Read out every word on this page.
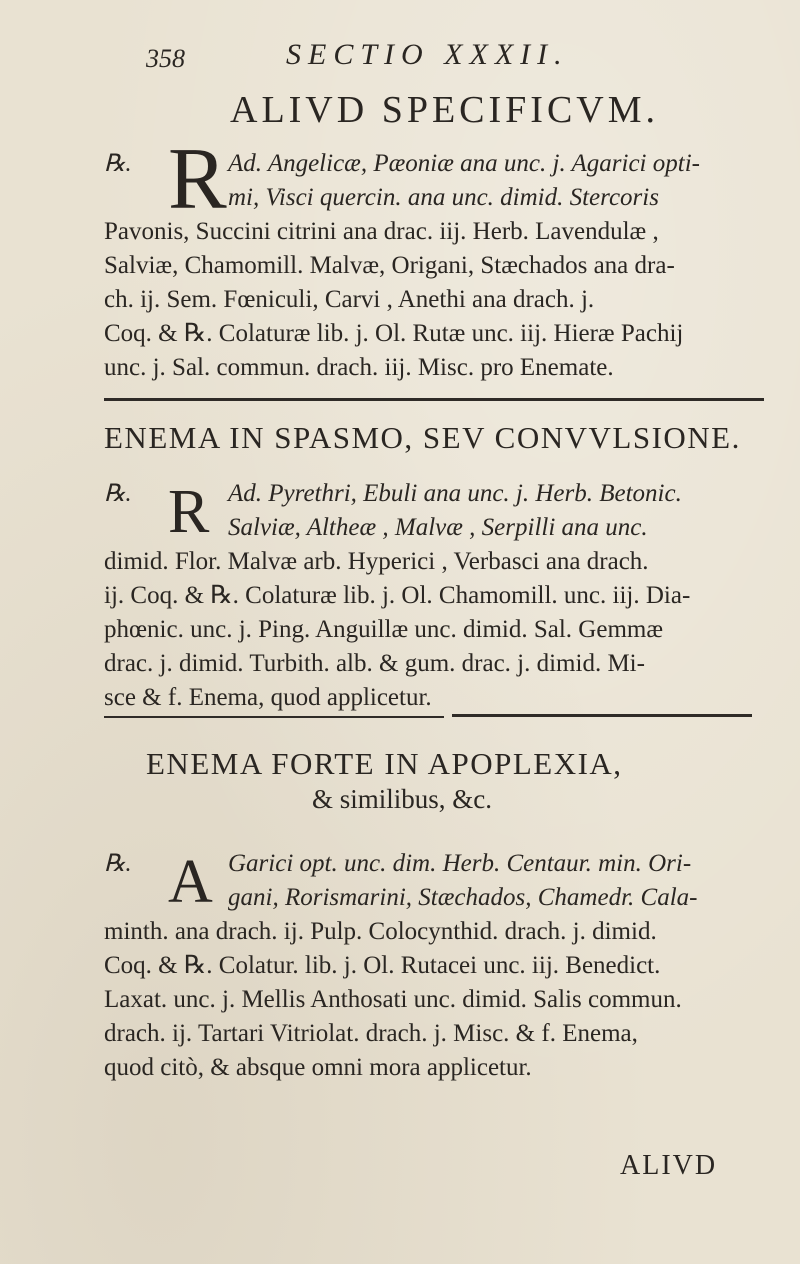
358	SECTIO XXXII.
ALIVD SPECIFICVM.
℞. R Ad. Angelicæ, Pæoniæ ana unc. j. Agarici opti-
mi, Visci quercin. ana unc. dimid. Stercoris
Pavonis, Succini citrini ana drac. iij. Herb. Lavendulæ ,
Salviæ, Chamomill. Malvæ, Origani, Stæchados ana dra-
ch. ij. Sem. Fœniculi, Carvi , Anethi ana drach. j.
Coq. & ℞. Colaturæ lib. j. Ol. Rutæ unc. iij. Hieræ Pachij
unc. j. Sal. commun. drach. iij. Misc. pro Enemate.
ENEMA IN SPASMO, SEV CONVVLSIONE.
℞. R Ad. Pyrethri, Ebuli ana unc. j. Herb. Betonic.
Salviæ, Altheæ , Malvæ , Serpilli ana unc.
dimid. Flor. Malvæ arb. Hyperici , Verbasci ana drach.
ij. Coq. & ℞. Colaturæ lib. j. Ol. Chamomill. unc. iij. Dia-
phœnic. unc. j. Ping. Anguillæ unc. dimid. Sal. Gemmæ
drac. j. dimid. Turbith. alb. & gum. drac. j. dimid. Mi-
sce & f. Enema, quod applicetur.
ENEMA FORTE IN APOPLEXIA,
& similibus, &c.
℞. A Garici opt. unc. dim. Herb. Centaur. min. Ori-
gani, Rorismarini, Stæchados, Chamedr. Cala-
minth. ana drach. ij. Pulp. Colocynthid. drach. j. dimid.
Coq. & ℞. Colatur. lib. j. Ol. Rutacei unc. iij. Benedict.
Laxat. unc. j. Mellis Anthosati unc. dimid. Salis commun.
drach. ij. Tartari Vitriolat. drach. j. Misc. & f. Enema,
quod citò, & absque omni mora applicetur.
ALIVD
